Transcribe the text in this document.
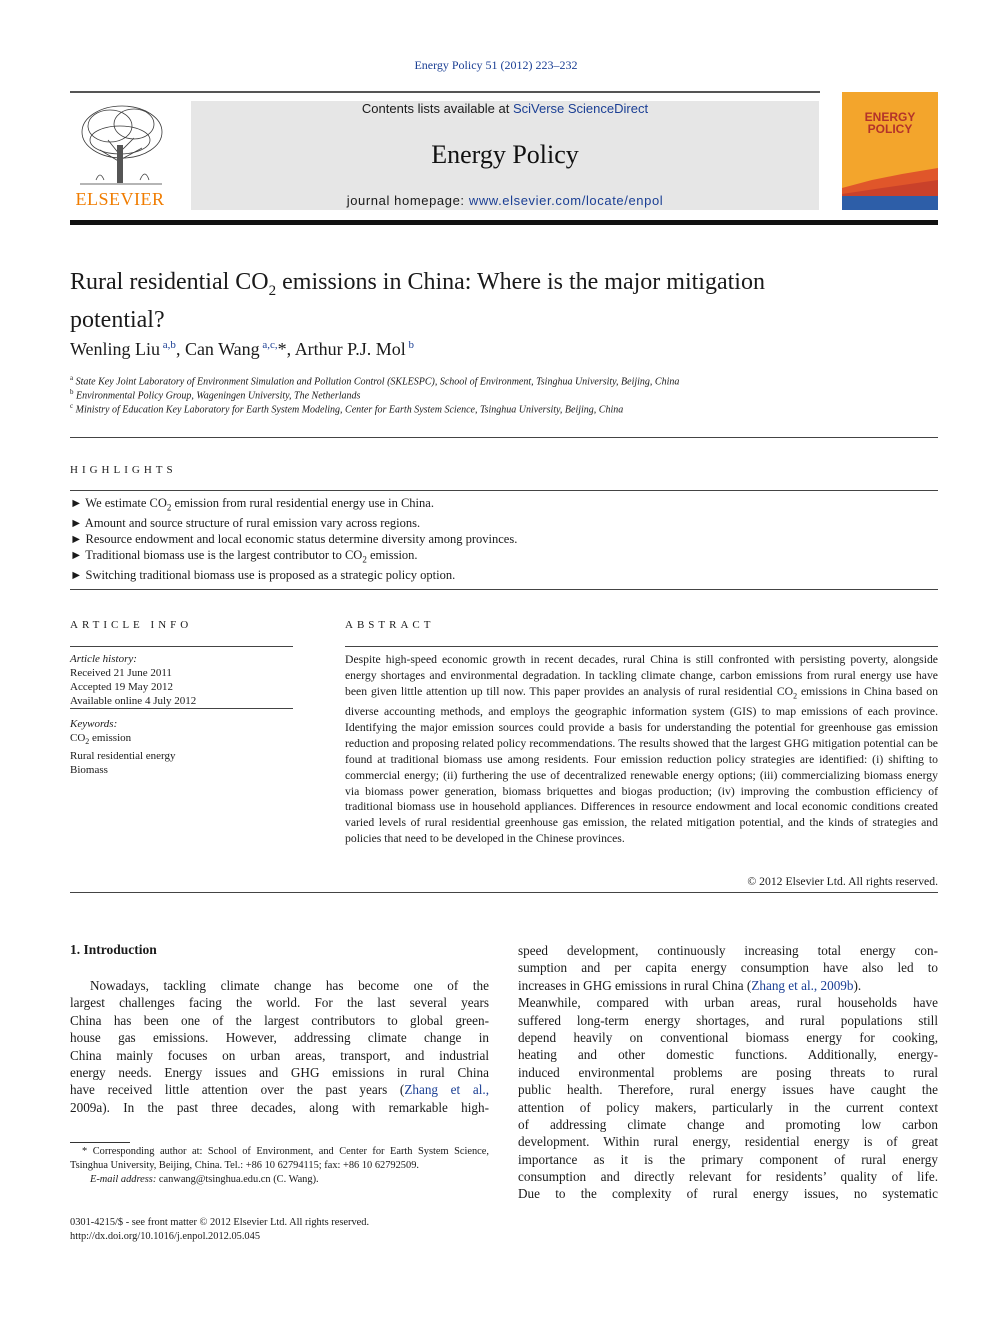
Energy Policy 51 (2012) 223–232
ELSEVIER
Contents lists available at SciVerse ScienceDirect
Energy Policy
journal homepage: www.elsevier.com/locate/enpol
ENERGY
POLICY
Rural residential $CO_2$ emissions in China: Where is the major mitigation
potential?
Wenling Liu $^{a,b}$, Can Wang $^{a,c,}$*, Arthur P.J. Mol $^b$
$^a$ State Key Joint Laboratory of Environment Simulation and Pollution Control (SKLESPC), School of Environment, Tsinghua University, Beijing, China
$^b$ Environmental Policy Group, Wageningen University, The Netherlands
$^c$ Ministry of Education Key Laboratory for Earth System Modeling, Center for Earth System Science, Tsinghua University, Beijing, China
HIGHLIGHTS
► We estimate $CO_2$ emission from rural residential energy use in China.
► Amount and source structure of rural emission vary across regions.
► Resource endowment and local economic status determine diversity among provinces.
► Traditional biomass use is the largest contributor to $CO_2$ emission.
► Switching traditional biomass use is proposed as a strategic policy option.
ARTICLE INFO
Article history:
Received 21 June 2011
Accepted 19 May 2012
Available online 4 July 2012
Keywords:
$CO_2$ emission
Rural residential energy
Biomass
ABSTRACT
Despite high-speed economic growth in recent decades, rural China is still confronted with persisting poverty, alongside energy shortages and environmental degradation. In tackling climate change, carbon emissions from rural energy use have been given little attention up till now. This paper provides an analysis of rural residential $CO_2$ emissions in China based on diverse accounting methods, and employs the geographic information system (GIS) to map emissions of each province. Identifying the major emission sources could provide a basis for understanding the potential for greenhouse gas emission reduction and proposing related policy recommendations. The results showed that the largest GHG mitigation potential can be found at traditional biomass use among residents. Four emission reduction policy strategies are identified: (i) shifting to commercial energy; (ii) furthering the use of decentralized renewable energy options; (iii) commercializing biomass energy via biomass power generation, biomass briquettes and biogas production; (iv) improving the combustion efficiency of traditional biomass use in household appliances. Differences in resource endowment and local economic conditions created varied levels of rural residential greenhouse gas emission, the related mitigation potential, and the kinds of strategies and policies that need to be developed in the Chinese provinces.
© 2012 Elsevier Ltd. All rights reserved.
1. Introduction
Nowadays, tackling climate change has become one of the
largest challenges facing the world. For the last several years
China has been one of the largest contributors to global green-
house gas emissions. However, addressing climate change in
China mainly focuses on urban areas, transport, and industrial
energy needs. Energy issues and GHG emissions in rural China
have received little attention over the past years (Zhang et al.,
2009a). In the past three decades, along with remarkable high-
speed development, continuously increasing total energy con-
sumption and per capita energy consumption have also led to
increases in GHG emissions in rural China (Zhang et al., 2009b).
Meanwhile, compared with urban areas, rural households have
suffered long-term energy shortages, and rural populations still
depend heavily on conventional biomass energy for cooking,
heating and other domestic functions. Additionally, energy-
induced environmental problems are posing threats to rural
public health. Therefore, rural energy issues have caught the
attention of policy makers, particularly in the current context
of addressing climate change and promoting low carbon
development. Within rural energy, residential energy is of great
importance as it is the primary component of rural energy
consumption and directly relevant for residents’ quality of life.
Due to the complexity of rural energy issues, no systematic
* Corresponding author at: School of Environment, and Center for Earth System Science, Tsinghua University, Beijing, China. Tel.: +86 10 62794115; fax: +86 10 62792509.
E-mail address: canwang@tsinghua.edu.cn (C. Wang).
0301-4215/$ - see front matter © 2012 Elsevier Ltd. All rights reserved.
http://dx.doi.org/10.1016/j.enpol.2012.05.045
